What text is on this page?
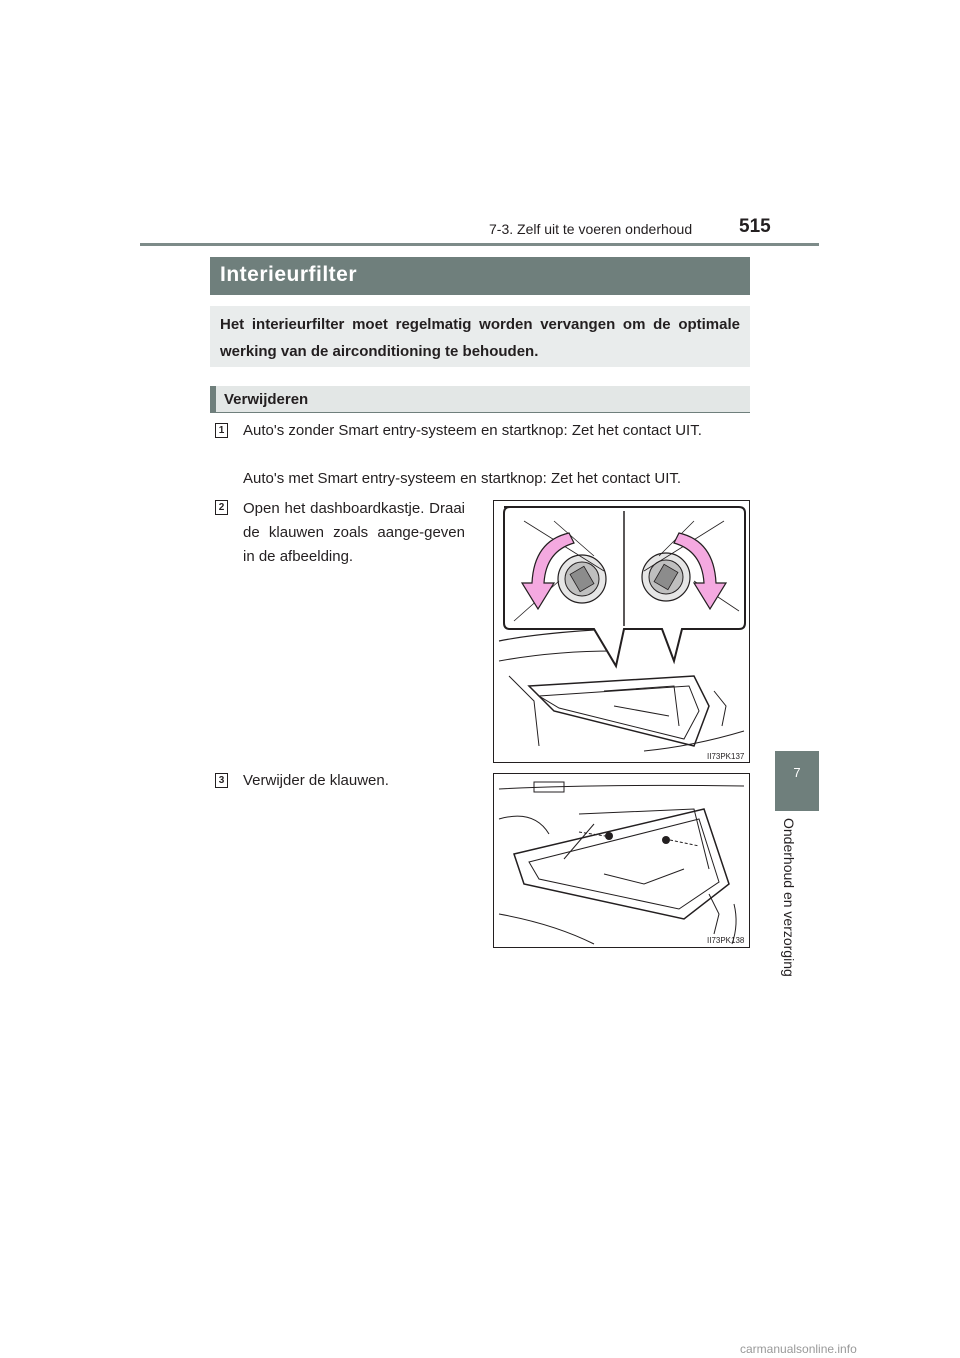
7-3. Zelf uit te voeren onderhoud 515
7
Onderhoud en verzorging
Interieurfilter
Het interieurfilter moet regelmatig worden vervangen om de optimale werking van de airconditioning te behouden.
Verwijderen
1 Auto's zonder Smart entry-systeem en startknop: Zet het contact UIT.
Auto's met Smart entry-systeem en startknop: Zet het contact UIT.
2 Open het dashboardkastje. Draai de klauwen zoals aange-geven in de afbeelding.
II73PK137
3 Verwijder de klauwen.
II73PK138
carmanualsonline.info
